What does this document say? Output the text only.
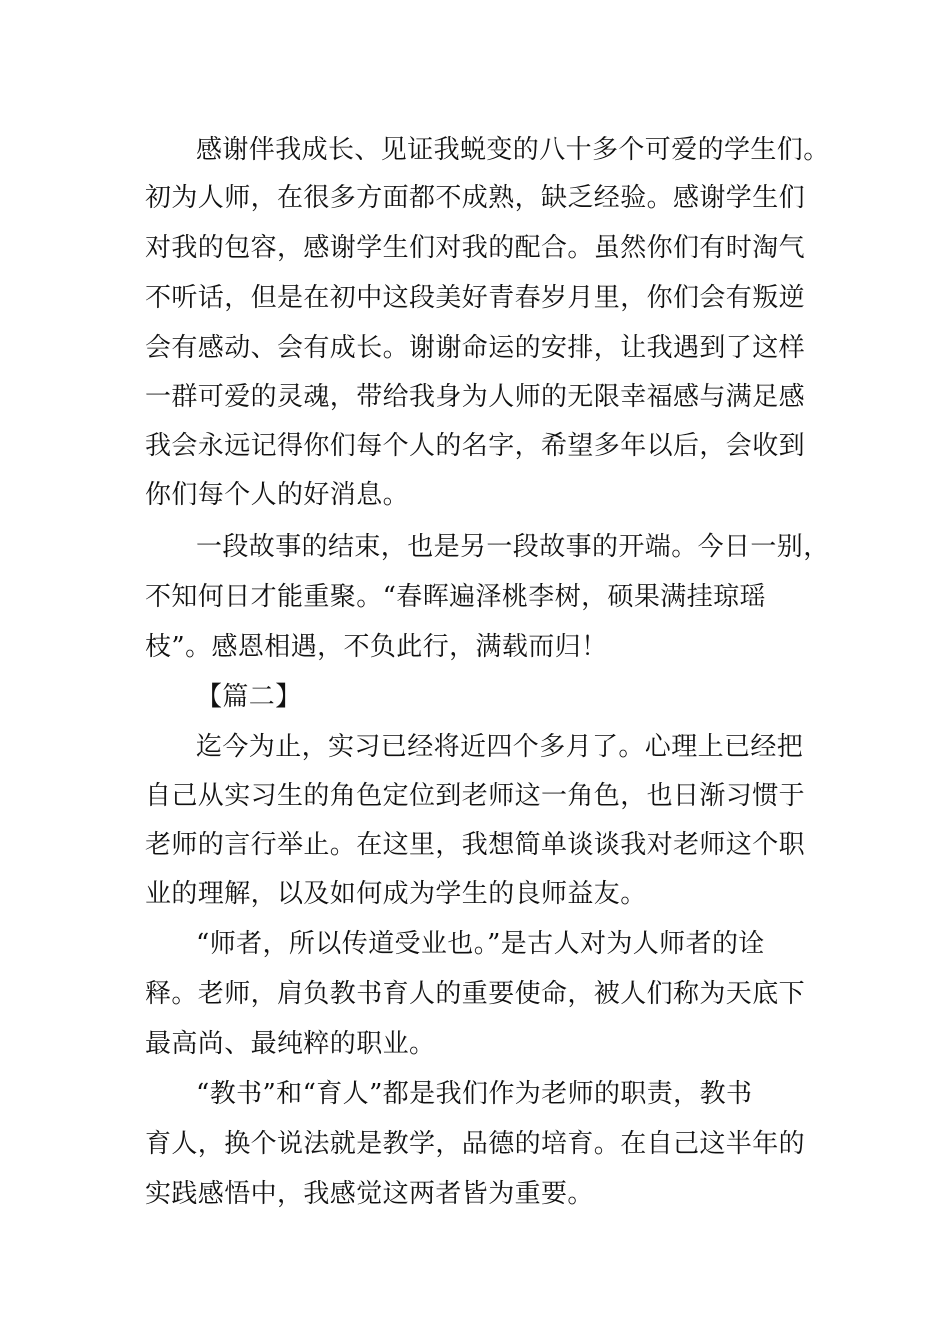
感谢伴我成长、见证我蜕变的八十多个可爱的学生们。
初为人师，在很多方面都不成熟，缺乏经验。感谢学生们
对我的包容，感谢学生们对我的配合。虽然你们有时淘气
不听话，但是在初中这段美好青春岁月里，你们会有叛逆
会有感动、会有成长。谢谢命运的安排，让我遇到了这样
一群可爱的灵魂，带给我身为人师的无限幸福感与满足感
我会永远记得你们每个人的名字，希望多年以后，会收到
你们每个人的好消息。
一段故事的结束，也是另一段故事的开端。今日一别，
不知何日才能重聚。“春晖遍泽桃李树，硕果满挂琼瑶
枝”。感恩相遇，不负此行，满载而归！
【篇二】
迄今为止，实习已经将近四个多月了。心理上已经把
自己从实习生的角色定位到老师这一角色，也日渐习惯于
老师的言行举止。在这里，我想简单谈谈我对老师这个职
业的理解，以及如何成为学生的良师益友。
“师者，所以传道受业也。”是古人对为人师者的诠
释。老师，肩负教书育人的重要使命，被人们称为天底下
最高尚、最纯粹的职业。
“教书”和“育人”都是我们作为老师的职责，教书
育人，换个说法就是教学，品德的培育。在自己这半年的
实践感悟中，我感觉这两者皆为重要。
